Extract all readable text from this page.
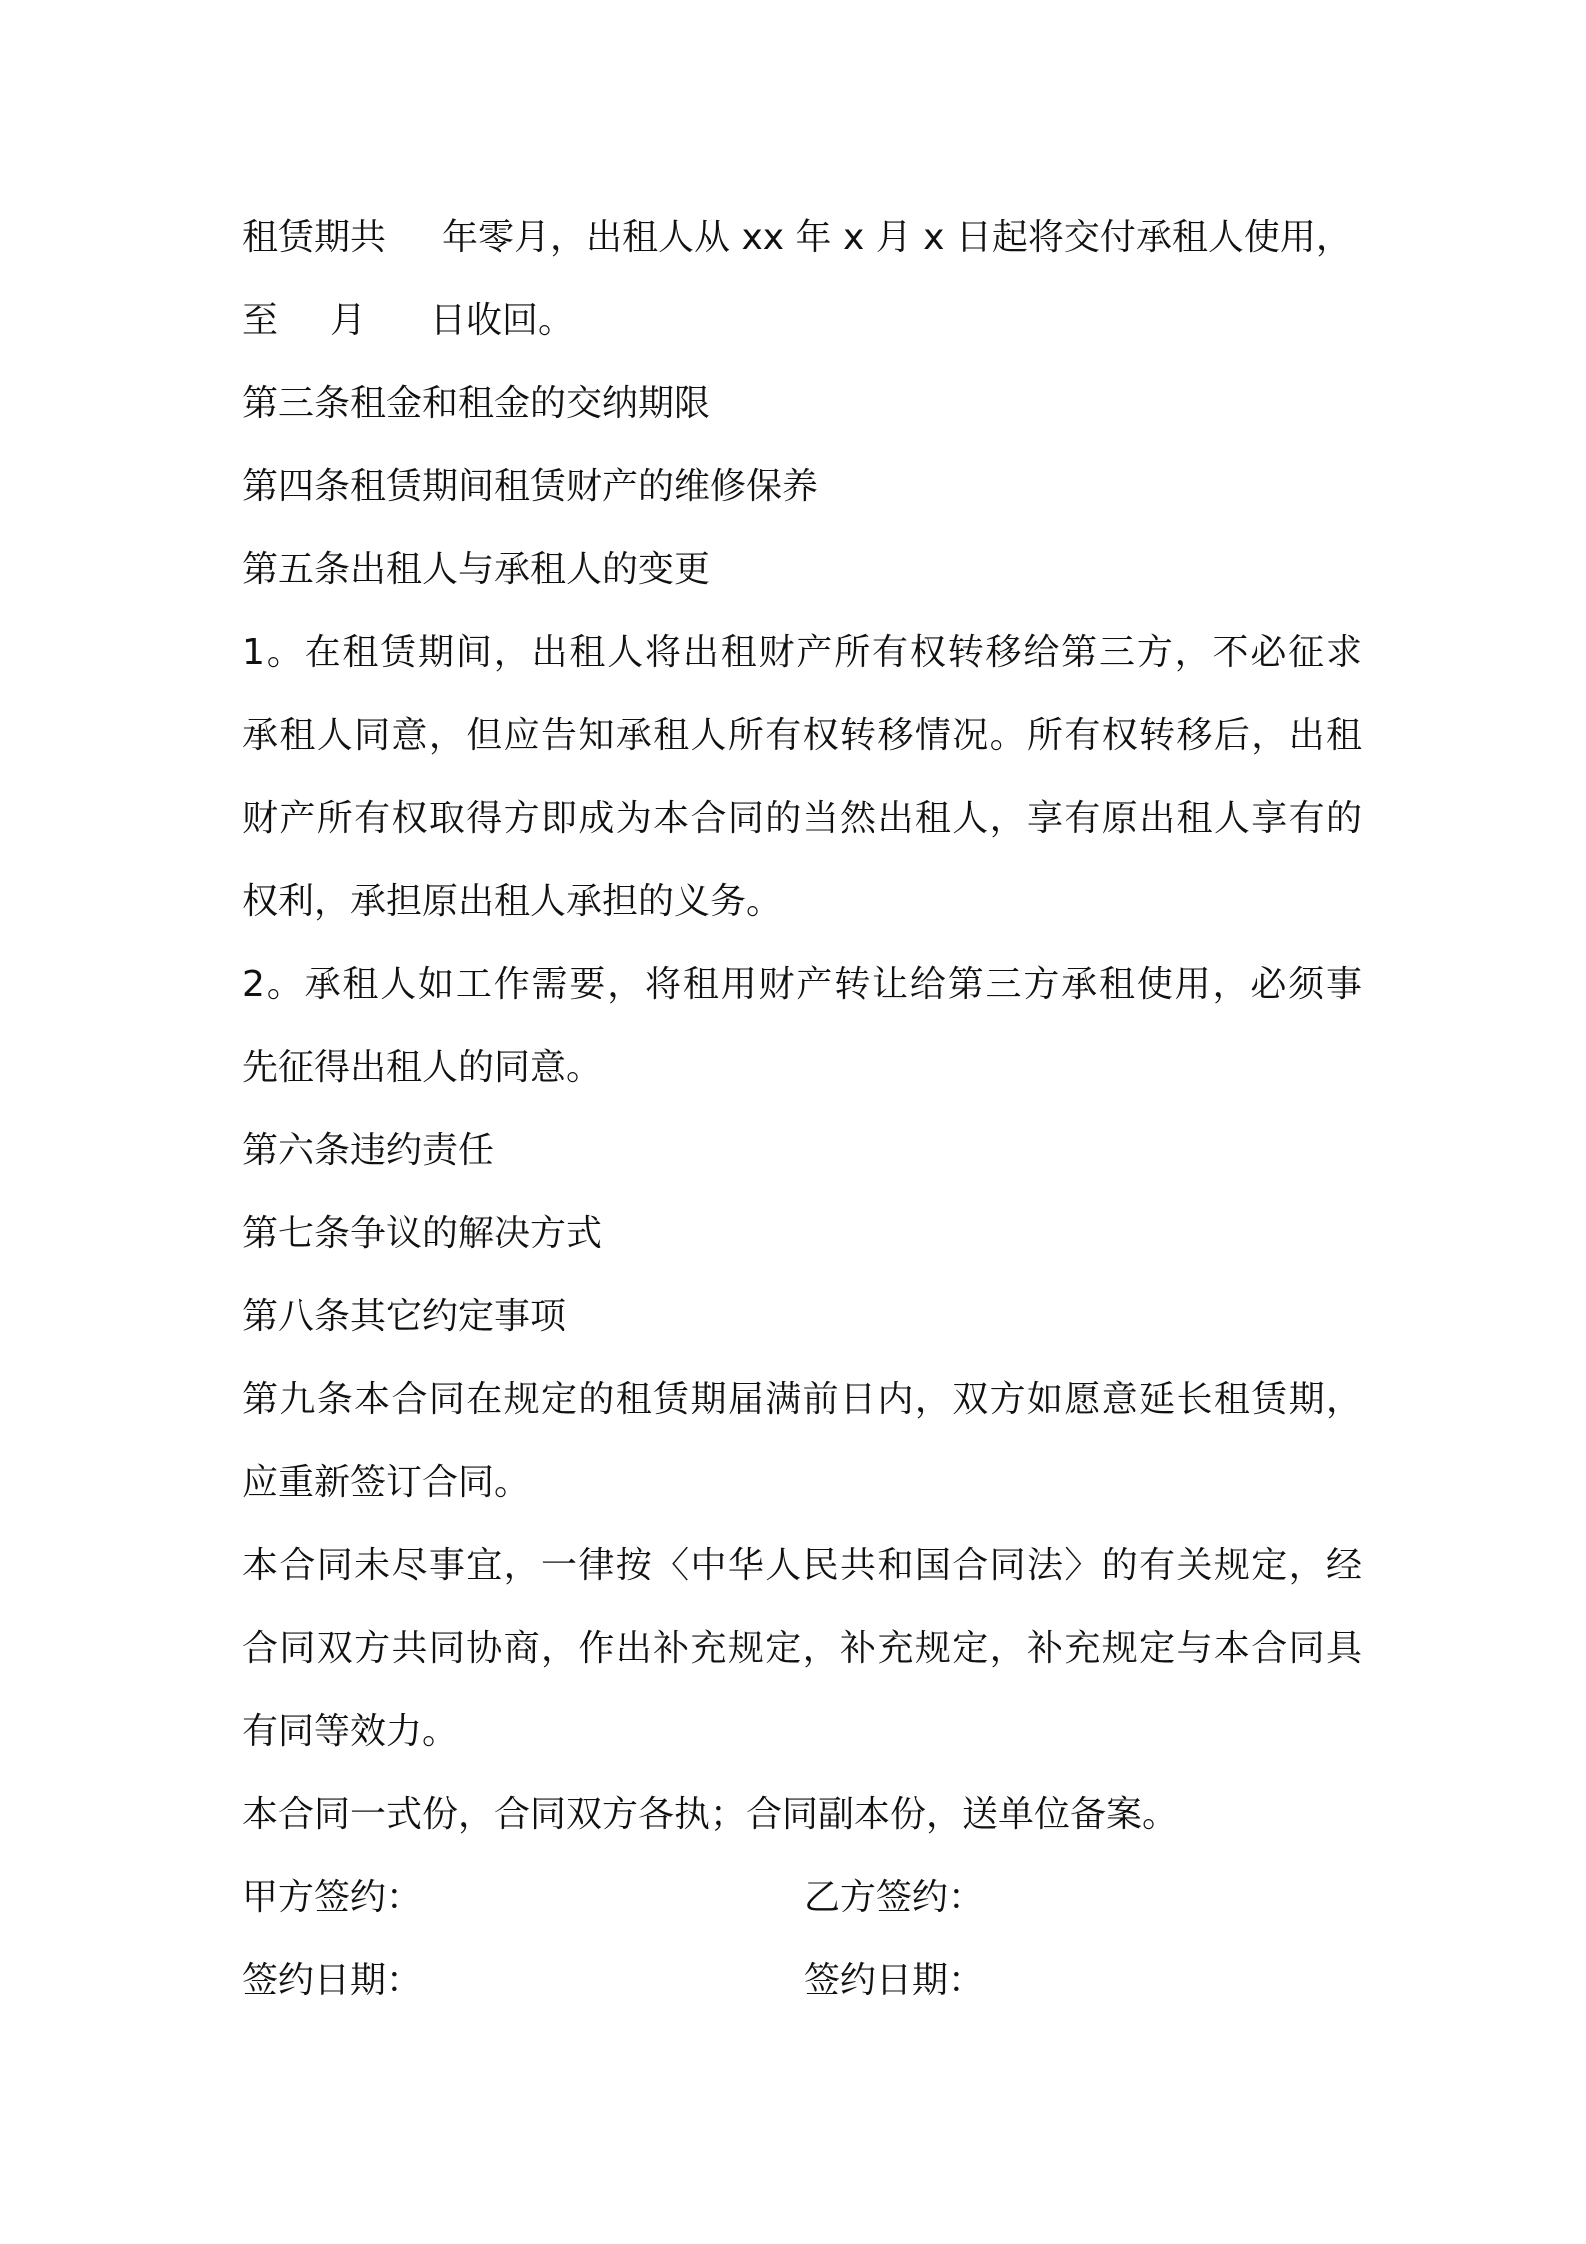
租赁期共 年零月，出租人从 xx 年 x 月 x 日起将交付承租人使用，

至 月 日收回。

第三条租金和租金的交纳期限

第四条租赁期间租赁财产的维修保养

第五条出租人与承租人的变更

1。在租赁期间，出租人将出租财产所有权转移给第三方，不必征求

承租人同意，但应告知承租人所有权转移情况。所有权转移后，出租

财产所有权取得方即成为本合同的当然出租人，享有原出租人享有的

权利，承担原出租人承担的义务。

2。承租人如工作需要，将租用财产转让给第三方承租使用，必须事

先征得出租人的同意。

第六条违约责任

第七条争议的解决方式

第八条其它约定事项

第九条本合同在规定的租赁期届满前日内，双方如愿意延长租赁期，

应重新签订合同。

本合同未尽事宜，一律按〈中华人民共和国合同法〉的有关规定，经

合同双方共同协商，作出补充规定，补充规定，补充规定与本合同具

有同等效力。

本合同一式份，合同双方各执；合同副本份，送单位备案。

甲方签约：	乙方签约：
签约日期：	签约日期：
